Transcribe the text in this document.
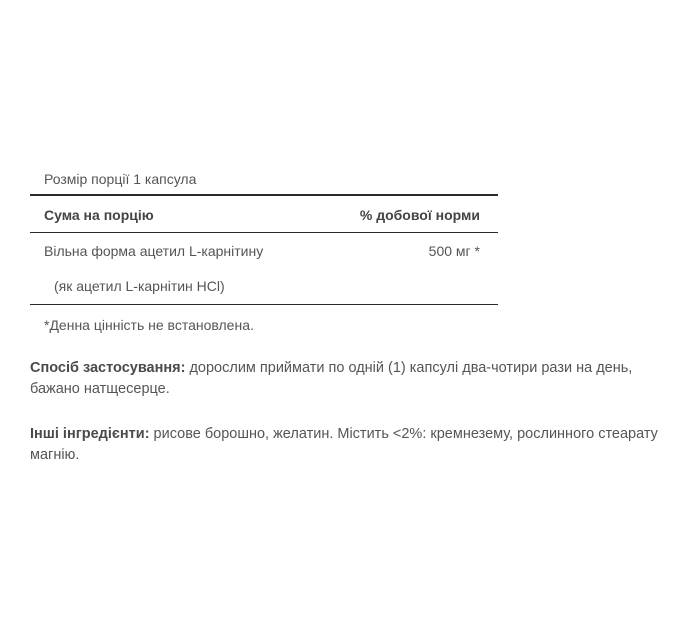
Розмір порції 1 капсула
Сума на порцію	% добової норми
Вільна форма ацетил L-карнітину	500 мг *
(як ацетил L-карнітин HCl)
*Денна цінність не встановлена.
Спосіб застосування: дорослим приймати по одній (1) капсулі два-чотири рази на день, бажано натщесерце.
Інші інгредієнти: рисове борошно, желатин. Містить <2%: кремнезему, рослинного стеарату магнію.
